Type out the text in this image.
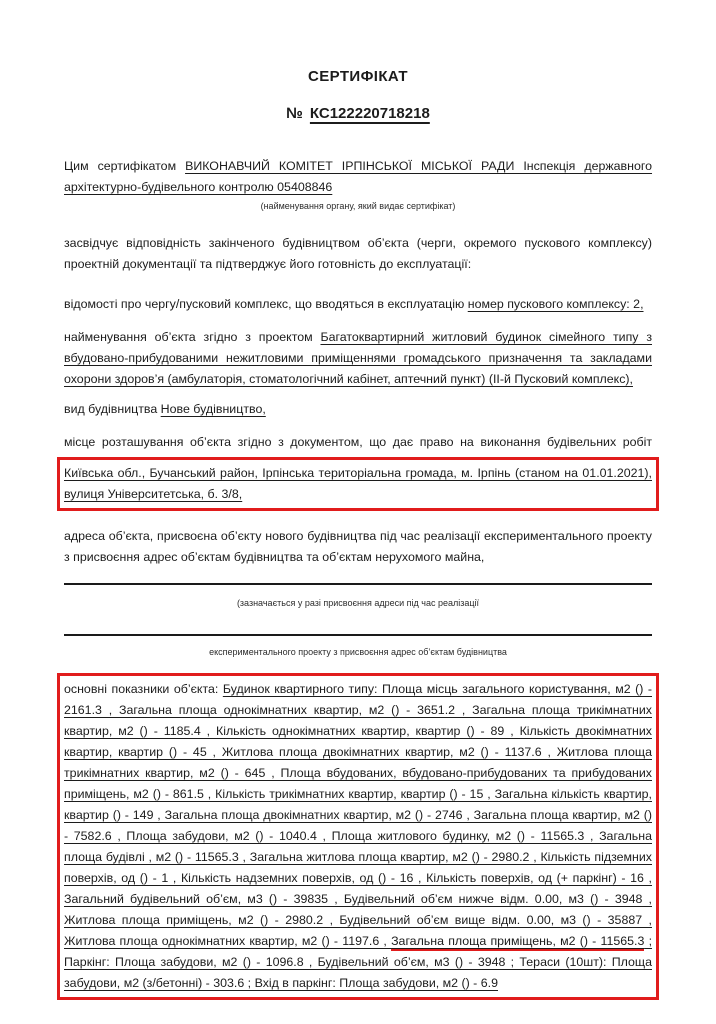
СЕРТИФІКАТ
№ КС122220718218

Цим сертифікатом ВИКОНАВЧИЙ КОМІТЕТ ІРПІНСЬКОЇ МІСЬКОЇ РАДИ Інспекція державного архітектурно-будівельного контролю 05408846

(найменування органу, який видає сертифікат)

засвідчує відповідність закінченого будівництвом об’єкта (черги, окремого пускового комплексу) проектній документації та підтверджує його готовність до експлуатації:

відомості про чергу/пусковий комплекс, що вводяться в експлуатацію номер пускового комплексу: 2,

найменування об’єкта згідно з проектом Багатоквартирний житловий будинок сімейного типу з вбудовано-прибудованими нежитловими приміщеннями громадського призначення та закладами охорони здоров’я (амбулаторія, стоматологічний кабінет, аптечний пункт) (ІІ-й Пусковий комплекс),

вид будівництва Нове будівництво,

місце розташування об’єкта згідно з документом, що дає право на виконання будівельних робіт

Київська обл., Бучанський район, Ірпінська територіальна громада, м. Ірпінь (станом на 01.01.2021), вулиця Університетська, б. 3/8,

адреса об’єкта, присвоєна об’єкту нового будівництва під час реалізації експериментального проекту з присвоєння адрес об’єктам будівництва та об’єктам нерухомого майна,

(зазначається у разі присвоєння адреси під час реалізації
експериментального проекту з присвоєння адрес об’єктам будівництва

основні показники об’єкта: Будинок квартирного типу: Площа місць загального користування, м2 () - 2161.3 , Загальна площа однокімнатних квартир, м2 () - 3651.2 , Загальна площа трикімнатних квартир, м2 () - 1185.4 , Кількість однокімнатних квартир, квартир () - 89 , Кількість двокімнатних квартир, квартир () - 45 , Житлова площа двокімнатних квартир, м2 () - 1137.6 , Житлова площа трикімнатних квартир, м2 () - 645 , Площа вбудованих, вбудовано-прибудованих та прибудованих приміщень, м2 () - 861.5 , Кількість трикімнатних квартир, квартир () - 15 , Загальна кількість квартир, квартир () - 149 , Загальна площа двокімнатних квартир, м2 () - 2746 , Загальна площа квартир, м2 () - 7582.6 , Площа забудови, м2 () - 1040.4 , Площа житлового будинку, м2 () - 11565.3 , Загальна площа будівлі , м2 () - 11565.3 , Загальна житлова площа квартир, м2 () - 2980.2 , Кількість підземних поверхів, од () - 1 , Кількість надземних поверхів, од () - 16 , Кількість поверхів, од (+ паркінг) - 16 , Загальний будівельний об’єм, м3 () - 39835 , Будівельний об’єм нижче відм. 0.00, м3 () - 3948 , Житлова площа приміщень, м2 () - 2980.2 , Будівельний об’єм вище відм. 0.00, м3 () - 35887 , Житлова площа однокімнатних квартир, м2 () - 1197.6 , Загальна площа приміщень, м2 () - 11565.3 ; Паркінг: Площа забудови, м2 () - 1096.8 , Будівельний об’єм, м3 () - 3948 ; Тераси (10шт): Площа забудови, м2 (з/бетонні) - 303.6 ; Вхід в паркінг: Площа забудови, м2 () - 6.9
